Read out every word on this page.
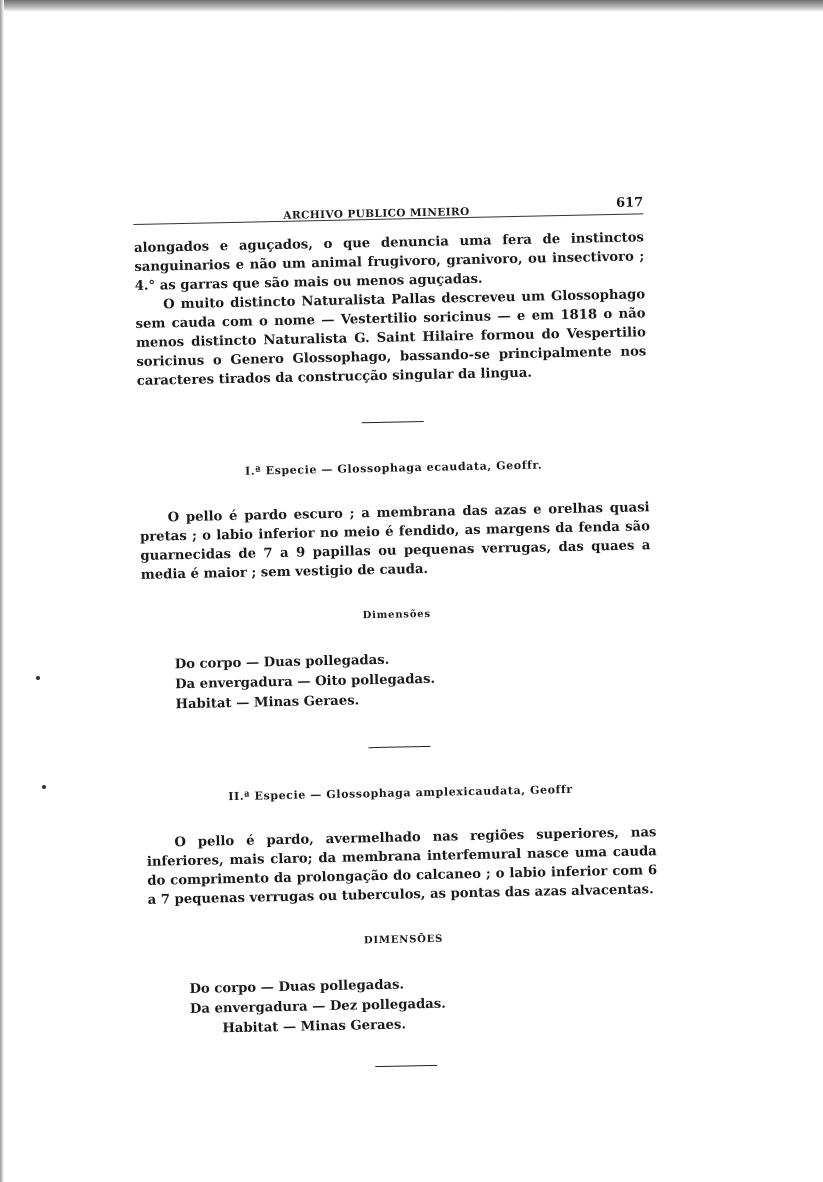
ARCHIVO PUBLICO MINEIRO
617

alongados e aguçados, o que denuncia uma fera de instinctos sanguinarios e não um animal frugivoro, granivoro, ou insectivoro ; 4.° as garras que são mais ou menos aguçadas.

O muito distincto Naturalista Pallas descreveu um Glossophago sem cauda com o nome — Vestertilio soricinus — e em 1818 o não menos distincto Naturalista G. Saint Hilaire formou do Vespertilio soricinus o Genero Glossophago, bassando-se principalmente nos caracteres tirados da construcção singular da lingua.

I.ª Especie — Glossophaga ecaudata, Geoffr.

O pello é pardo escuro ; a membrana das azas e orelhas quasi pretas ; o labio inferior no meio é fendido, as margens da fenda são guarnecidas de 7 a 9 papillas ou pequenas verrugas, das quaes a media é maior ; sem vestigio de cauda.

Dimensões
Do corpo — Duas pollegadas.
Da envergadura — Oito pollegadas.
Habitat — Minas Geraes.
II.ª Especie — Glossophaga amplexicaudata, Geoffr

O pello é pardo, avermelhado nas regiões superiores, nas inferiores, mais claro; da membrana interfemural nasce uma cauda do comprimento da prolongação do calcaneo ; o labio inferior com 6 a 7 pequenas verrugas ou tuberculos, as pontas das azas alvacentas.

DIMENSÕES
Do corpo — Duas pollegadas.
Da envergadura — Dez pollegadas.
Habitat — Minas Geraes.
